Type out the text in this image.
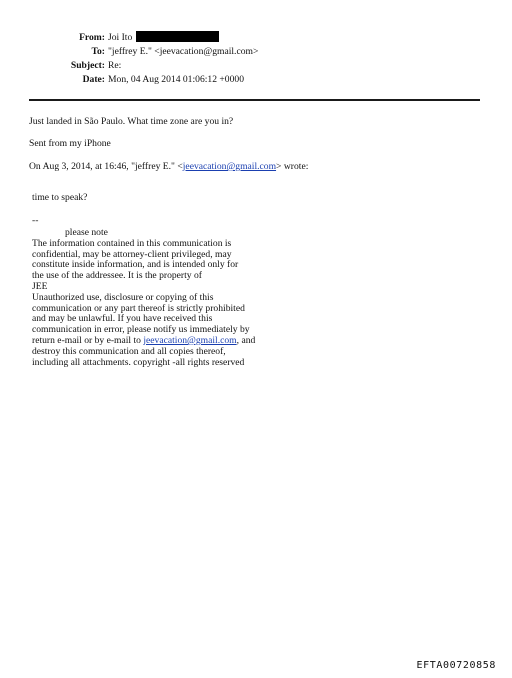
From: Joi Ito
To: "jeffrey E." <jeevacation@gmail.com>
Subject: Re:
Date: Mon, 04 Aug 2014 01:06:12 +0000
Just landed in São Paulo. What time zone are you in?
Sent from my iPhone
On Aug 3, 2014, at 16:46, "jeffrey E." <jeevacation@gmail.com> wrote:
time to speak?
--
please note
The information contained in this communication is
confidential, may be attorney-client privileged, may
constitute inside information, and is intended only for
the use of the addressee. It is the property of
JEE
Unauthorized use, disclosure or copying of this
communication or any part thereof is strictly prohibited
and may be unlawful. If you have received this
communication in error, please notify us immediately by
return e-mail or by e-mail to jeevacation@gmail.com, and
destroy this communication and all copies thereof,
including all attachments. copyright -all rights reserved
EFTA00720858
